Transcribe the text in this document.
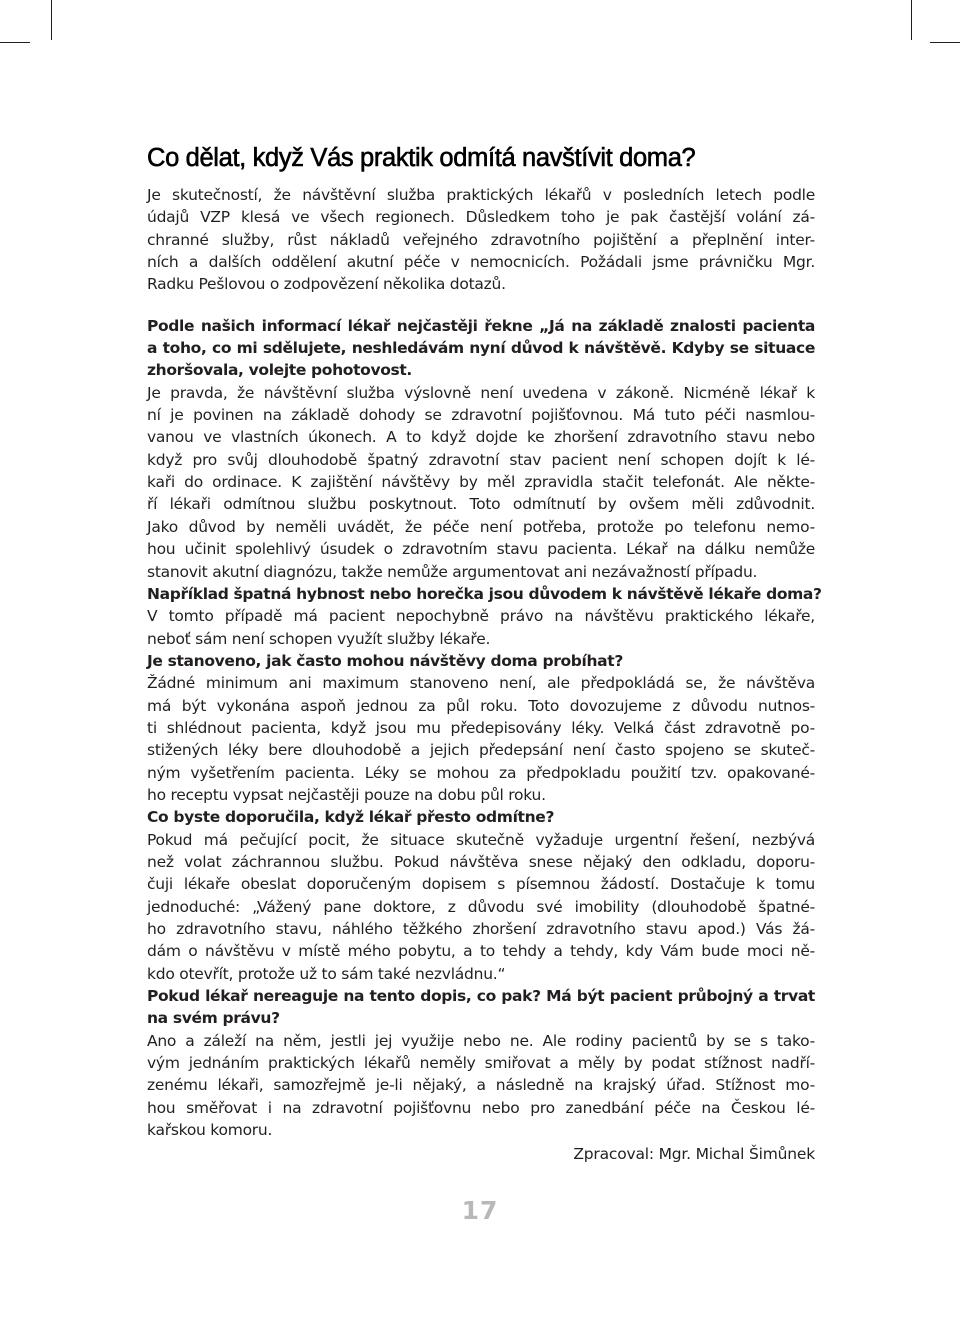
Co dělat, když Vás praktik odmítá navštívit doma?
Je skutečností, že návštěvní služba praktických lékařů v posledních letech podle
údajů VZP klesá ve všech regionech. Důsledkem toho je pak častější volání zá-
chranné služby, růst nákladů veřejného zdravotního pojištění a přeplnění inter-
ních a dalších oddělení akutní péče v nemocnicích. Požádali jsme právničku Mgr.
Radku Pešlovou o zodpovězení několika dotazů.
Podle našich informací lékař nejčastěji řekne „Já na základě znalosti pacienta
a toho, co mi sdělujete, neshledávám nyní důvod k návštěvě. Kdyby se situace
zhoršovala, volejte pohotovost.
Je pravda, že návštěvní služba výslovně není uvedena v zákoně. Nicméně lékař k
ní je povinen na základě dohody se zdravotní pojišťovnou. Má tuto péči nasmlou-
vanou ve vlastních úkonech. A to když dojde ke zhoršení zdravotního stavu nebo
když pro svůj dlouhodobě špatný zdravotní stav pacient není schopen dojít k lé-
kaři do ordinace. K zajištění návštěvy by měl zpravidla stačit telefonát. Ale někte-
ří lékaři odmítnou službu poskytnout. Toto odmítnutí by ovšem měli zdůvodnit.
Jako důvod by neměli uvádět, že péče není potřeba, protože po telefonu nemo-
hou učinit spolehlivý úsudek o zdravotním stavu pacienta. Lékař na dálku nemůže
stanovit akutní diagnózu, takže nemůže argumentovat ani nezávažností případu.
Například špatná hybnost nebo horečka jsou důvodem k návštěvě lékaře doma?
V tomto případě má pacient nepochybně právo na návštěvu praktického lékaře,
neboť sám není schopen využít služby lékaře.
Je stanoveno, jak často mohou návštěvy doma probíhat?
Žádné minimum ani maximum stanoveno není, ale předpokládá se, že návštěva
má být vykonána aspoň jednou za půl roku. Toto dovozujeme z důvodu nutnos-
ti shlédnout pacienta, když jsou mu předepisovány léky. Velká část zdravotně po-
stižených léky bere dlouhodobě a jejich předepsání není často spojeno se skuteč-
ným vyšetřením pacienta. Léky se mohou za předpokladu použití tzv. opakované-
ho receptu vypsat nejčastěji pouze na dobu půl roku.
Co byste doporučila, když lékař přesto odmítne?
Pokud má pečující pocit, že situace skutečně vyžaduje urgentní řešení, nezbývá
než volat záchrannou službu. Pokud návštěva snese nějaký den odkladu, doporu-
čuji lékaře obeslat doporučeným dopisem s písemnou žádostí. Dostačuje k tomu
jednoduché: „Vážený pane doktore, z důvodu své imobility (dlouhodobě špatné-
ho zdravotního stavu, náhlého těžkého zhoršení zdravotního stavu apod.) Vás žá-
dám o návštěvu v místě mého pobytu, a to tehdy a tehdy, kdy Vám bude moci ně-
kdo otevřít, protože už to sám také nezvládnu.“
Pokud lékař nereaguje na tento dopis, co pak? Má být pacient průbojný a trvat
na svém právu?
Ano a záleží na něm, jestli jej využije nebo ne. Ale rodiny pacientů by se s tako-
vým jednáním praktických lékařů neměly smiřovat a měly by podat stížnost nadří-
zenému lékaři, samozřejmě je-li nějaký, a následně na krajský úřad. Stížnost mo-
hou směřovat i na zdravotní pojišťovnu nebo pro zanedbání péče na Českou lé-
kařskou komoru.
Zpracoval: Mgr. Michal Šimůnek
17
